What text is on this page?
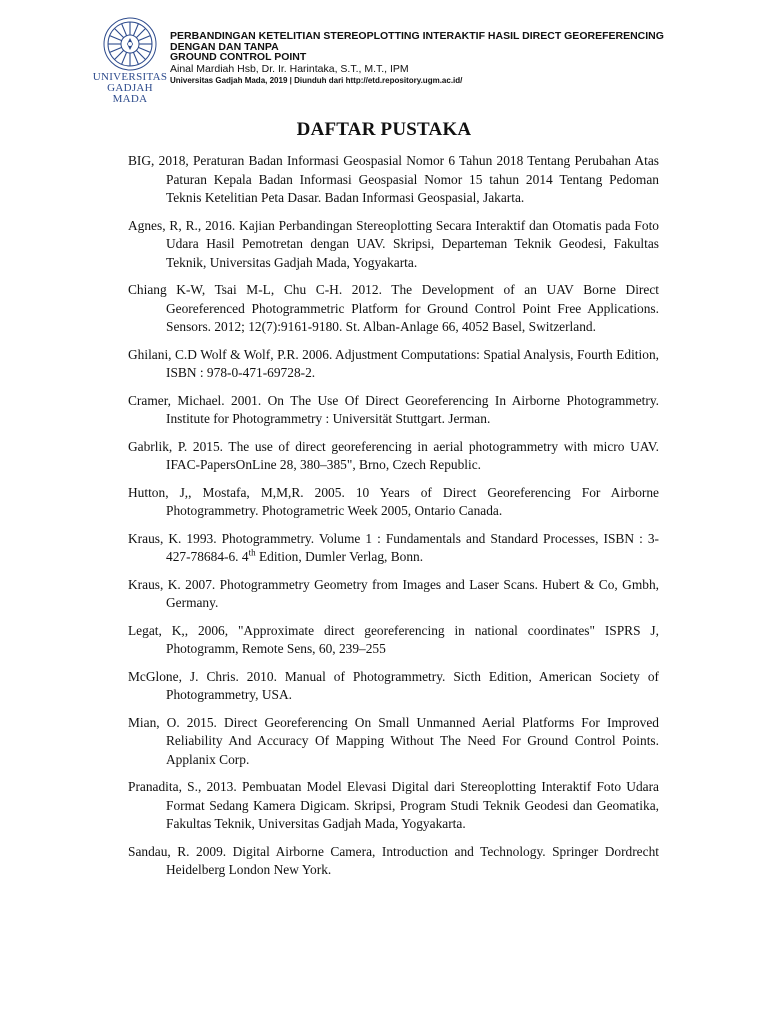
UNIVERSITAS
GADJAH MADA

PERBANDINGAN KETELITIAN STEREOPLOTTING INTERAKTIF HASIL DIRECT GEOREFERENCING

DENGAN DAN TANPA

GROUND CONTROL POINT

Ainal Mardiah Hsb, Dr. Ir. Harintaka, S.T., M.T., IPM

Universitas Gadjah Mada, 2019 | Diunduh dari http://etd.repository.ugm.ac.id/

DAFTAR PUSTAKA
BIG, 2018, Peraturan Badan Informasi Geospasial Nomor 6 Tahun 2018 Tentang Perubahan Atas Paturan Kepala Badan Informasi Geospasial Nomor 15 tahun 2014 Tentang Pedoman Teknis Ketelitian Peta Dasar. Badan Informasi Geospasial, Jakarta.
Agnes, R, R., 2016. Kajian Perbandingan Stereoplotting Secara Interaktif dan Otomatis pada Foto Udara Hasil Pemotretan dengan UAV. Skripsi, Departeman Teknik Geodesi, Fakultas Teknik, Universitas Gadjah Mada, Yogyakarta.
Chiang K-W, Tsai M-L, Chu C-H. 2012. The Development of an UAV Borne Direct Georeferenced Photogrammetric Platform for Ground Control Point Free Applications. Sensors. 2012; 12(7):9161-9180. St. Alban-Anlage 66, 4052 Basel, Switzerland.
Ghilani, C.D Wolf & Wolf, P.R. 2006. Adjustment Computations: Spatial Analysis, Fourth Edition, ISBN : 978-0-471-69728-2.
Cramer, Michael. 2001. On The Use Of Direct Georeferencing In Airborne Photogrammetry. Institute for Photogrammetry : Universität Stuttgart. Jerman.
Gabrlik, P. 2015. The use of direct georeferencing in aerial photogrammetry with micro UAV. IFAC-PapersOnLine 28, 380–385", Brno, Czech Republic.
Hutton, J,, Mostafa, M,M,R. 2005. 10 Years of Direct Georeferencing For Airborne Photogrammetry. Photogrametric Week 2005, Ontario Canada.
Kraus, K. 1993. Photogrammetry. Volume 1 : Fundamentals and Standard Processes, ISBN : 3-427-78684-6. 4th Edition, Dumler Verlag, Bonn.
Kraus, K. 2007. Photogrammetry Geometry from Images and Laser Scans. Hubert & Co, Gmbh, Germany.
Legat, K,, 2006, "Approximate direct georeferencing in national coordinates" ISPRS J, Photogramm, Remote Sens, 60, 239–255
McGlone, J. Chris. 2010. Manual of Photogrammetry. Sicth Edition, American Society of Photogrammetry, USA.
Mian, O. 2015. Direct Georeferencing On Small Unmanned Aerial Platforms For Improved Reliability And Accuracy Of Mapping Without The Need For Ground Control Points. Applanix Corp.
Pranadita, S., 2013. Pembuatan Model Elevasi Digital dari Stereoplotting Interaktif Foto Udara Format Sedang Kamera Digicam. Skripsi, Program Studi Teknik Geodesi dan Geomatika, Fakultas Teknik, Universitas Gadjah Mada, Yogyakarta.
Sandau, R. 2009. Digital Airborne Camera, Introduction and Technology. Springer Dordrecht Heidelberg London New York.
